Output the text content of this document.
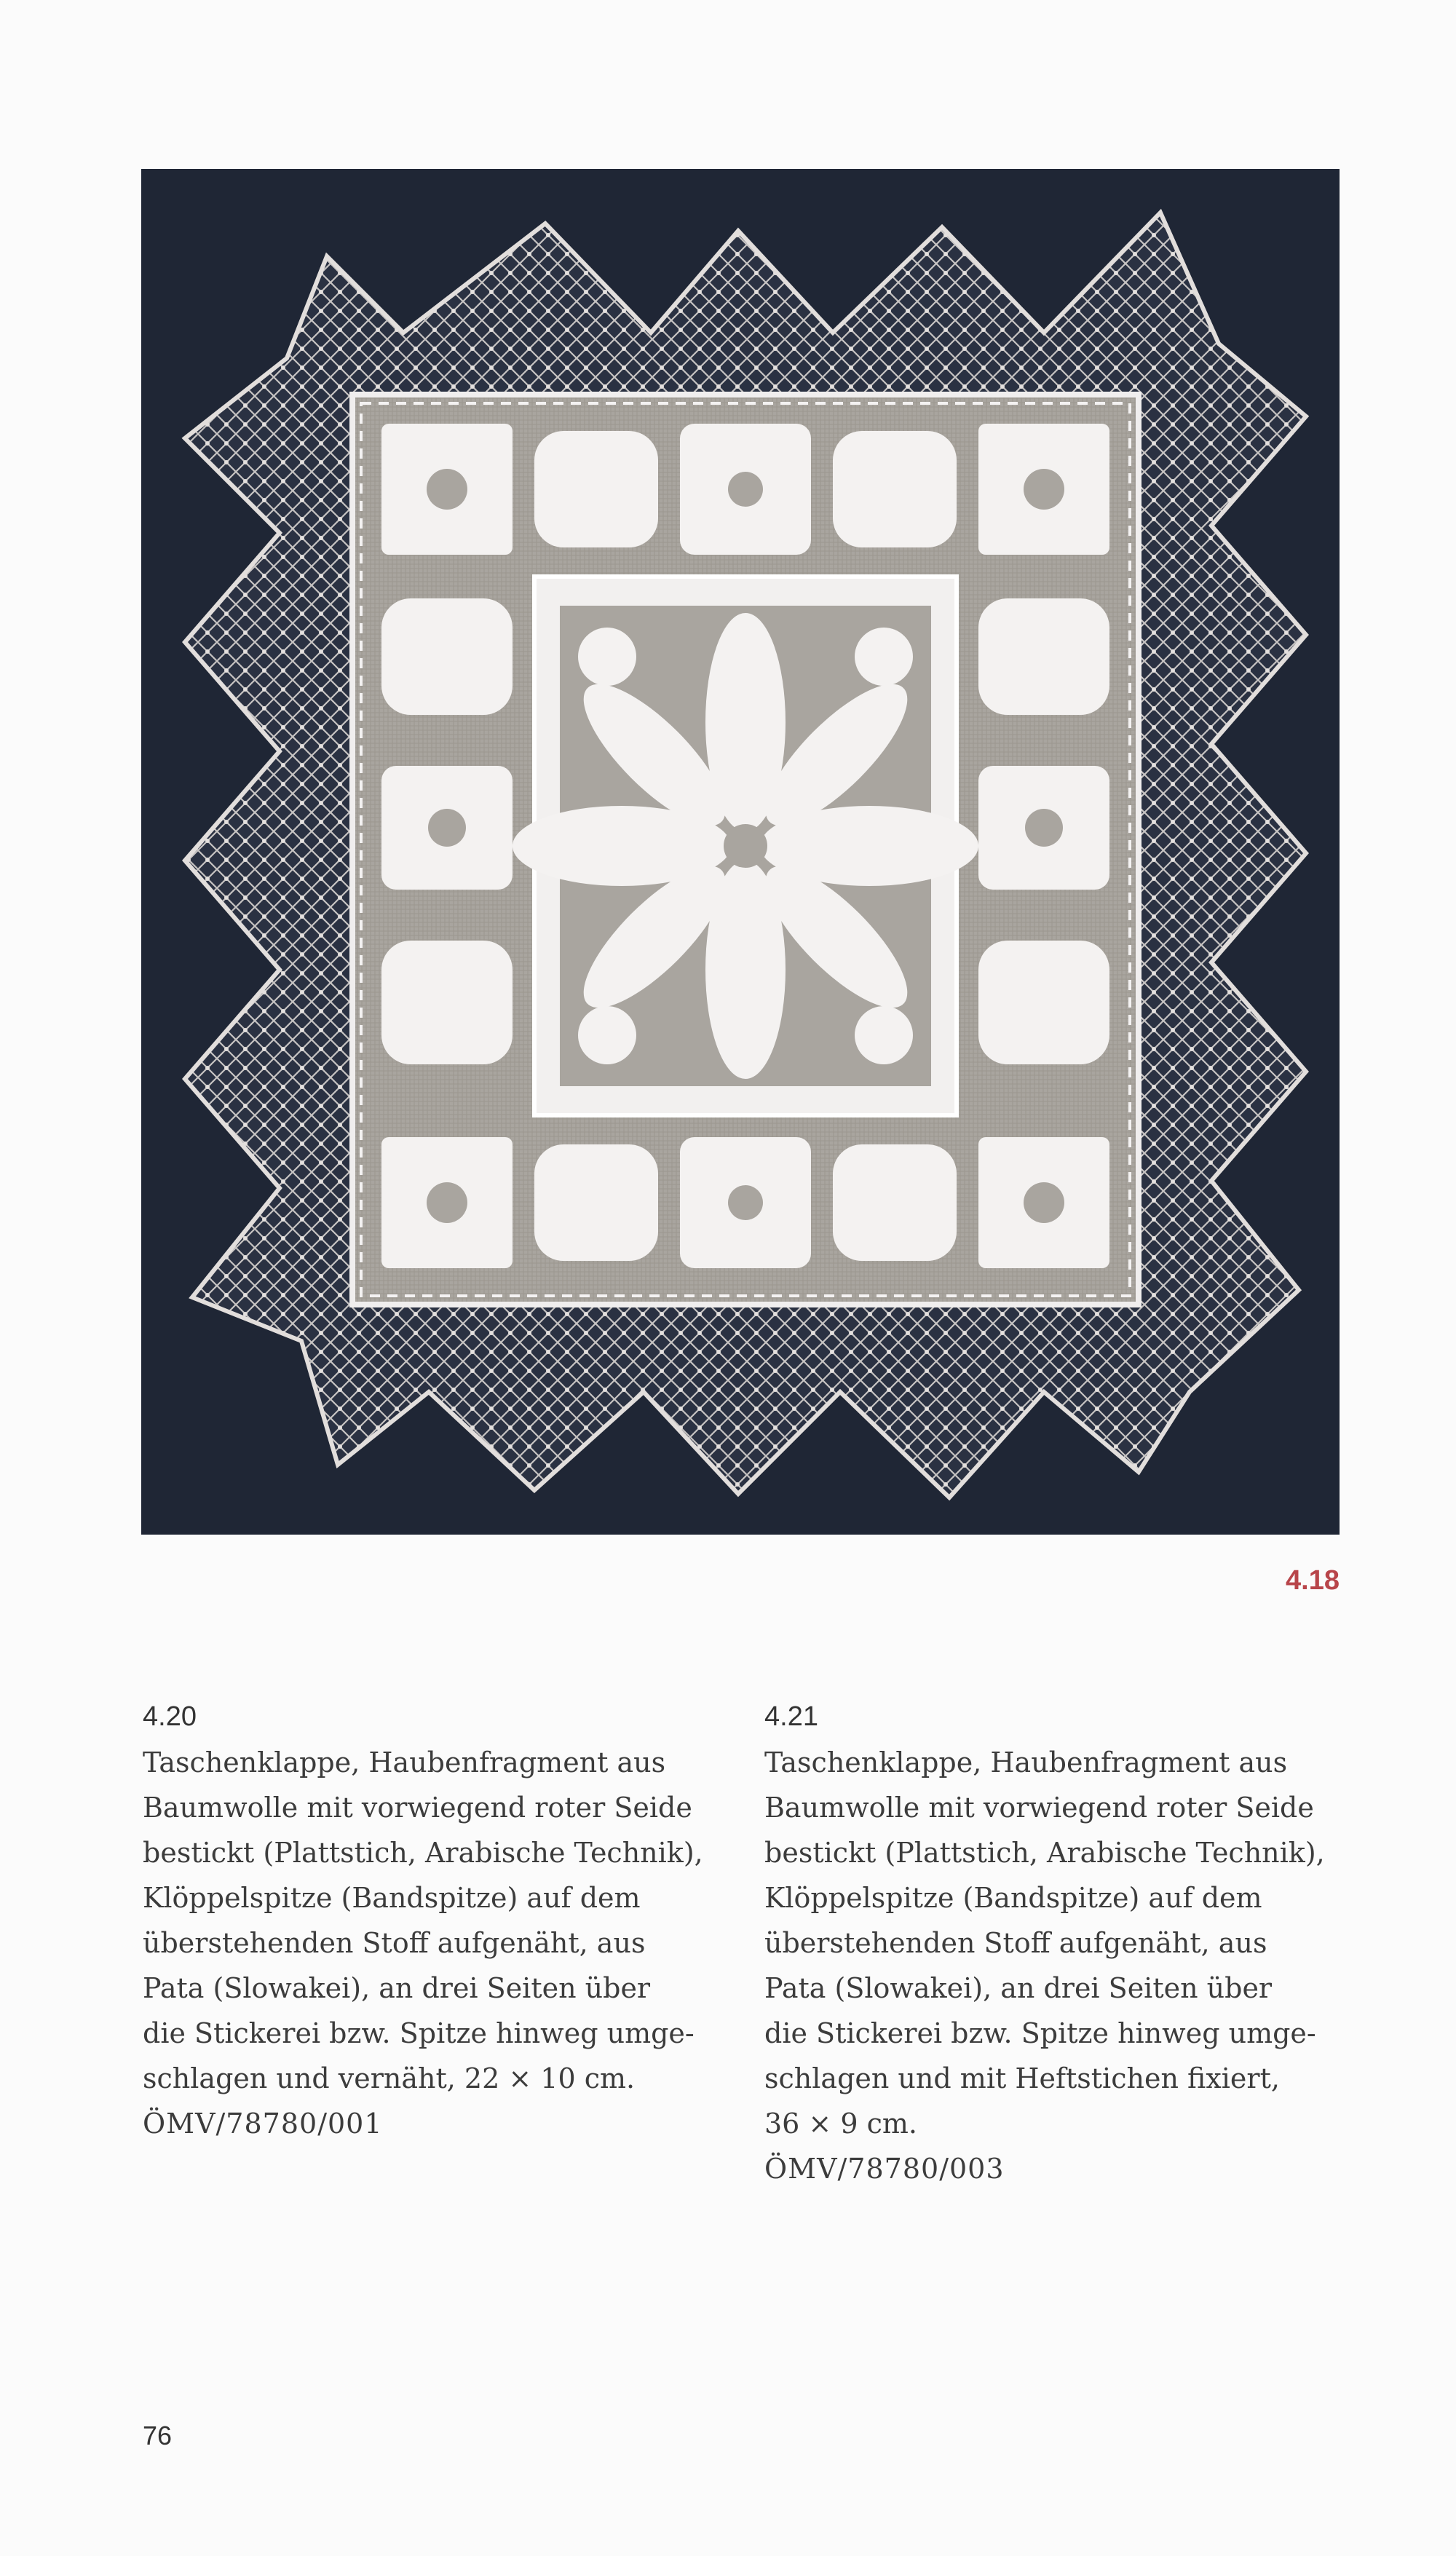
4.18
4.20

Taschenklappe, Haubenfragment aus

Baumwolle mit vorwiegend roter Seide

bestickt (Plattstich, Arabische Technik),

Klöppelspitze (Bandspitze) auf dem

überstehenden Stoff aufgenäht, aus

Pata (Slowakei), an drei Seiten über

die Stickerei bzw. Spitze hinweg umge-

schlagen und vernäht, 22 × 10 cm.

ÖMV/78780/001

4.21

Taschenklappe, Haubenfragment aus

Baumwolle mit vorwiegend roter Seide

bestickt (Plattstich, Arabische Technik),

Klöppelspitze (Bandspitze) auf dem

überstehenden Stoff aufgenäht, aus

Pata (Slowakei), an drei Seiten über

die Stickerei bzw. Spitze hinweg umge-

schlagen und mit Heftstichen fixiert,

36 × 9 cm.

ÖMV/78780/003

76
